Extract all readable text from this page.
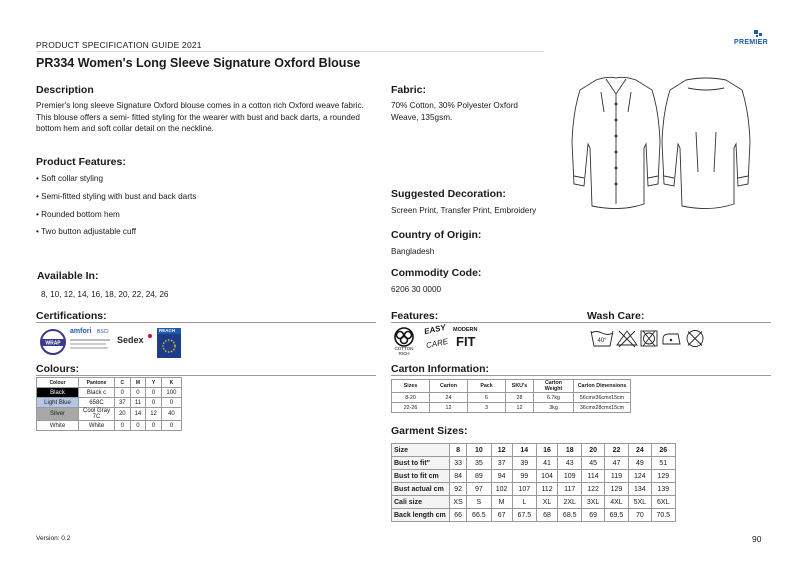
PRODUCT SPECIFICATION GUIDE 2021
PR334 Women's Long Sleeve Signature Oxford Blouse
PREMIER
Description
Premier's long sleeve Signature Oxford blouse comes in a cotton rich Oxford weave fabric. This blouse offers a semi- fitted styling for the wearer with bust and back darts, a rounded bottom hem and soft collar detail on the neckline.
Product Features:
• Soft collar styling
• Semi-fitted styling with bust and back darts
• Rounded bottom hem
• Two button adjustable cuff
Available In:
8, 10, 12, 14, 16, 18, 20, 22, 24, 26
Certifications:
WRAP
amfori BSCI
Sedex
REACH
Colours:
Colour	Pantone	C	M	Y	K
Black	Black c	0	0	0	100
Light Blue	658C	37	11	0	0
Silver	Cool Gray 7C	20	14	12	40
White	White	0	0	0	0
Fabric:
70% Cotton, 30% Polyester Oxford Weave, 135gsm.
Suggested Decoration:
Screen Print, Transfer Print, Embroidery
Country of Origin:
Bangladesh
Commodity Code:
6206 30 0000
Features:
COTTON RICH
EASY
CARE
MODERN
FIT
Wash Care:
40°
Carton Information:
Sizes	Carton	Pack	SKU's	Carton Weight	Carton Dimensions
8-20	24	6	28	6.7kg	56cmx36cmx15cm
22-26	12	3	12	3kg	36cmx28cmx15cm
Garment Sizes:
Size	8	10	12	14	16	18	20	22	24	26
Bust to fit"	33	35	37	39	41	43	45	47	49	51
Bust to fit cm	84	89	94	99	104	109	114	119	124	129
Bust actual cm	92	97	102	107	112	117	122	129	134	139
Cali size	XS	S	M	L	XL	2XL	3XL	4XL	5XL	6XL
Back length cm	66	66.5	67	67.5	68	68.5	69	69.5	70	70.5
Version: 0.2	90
